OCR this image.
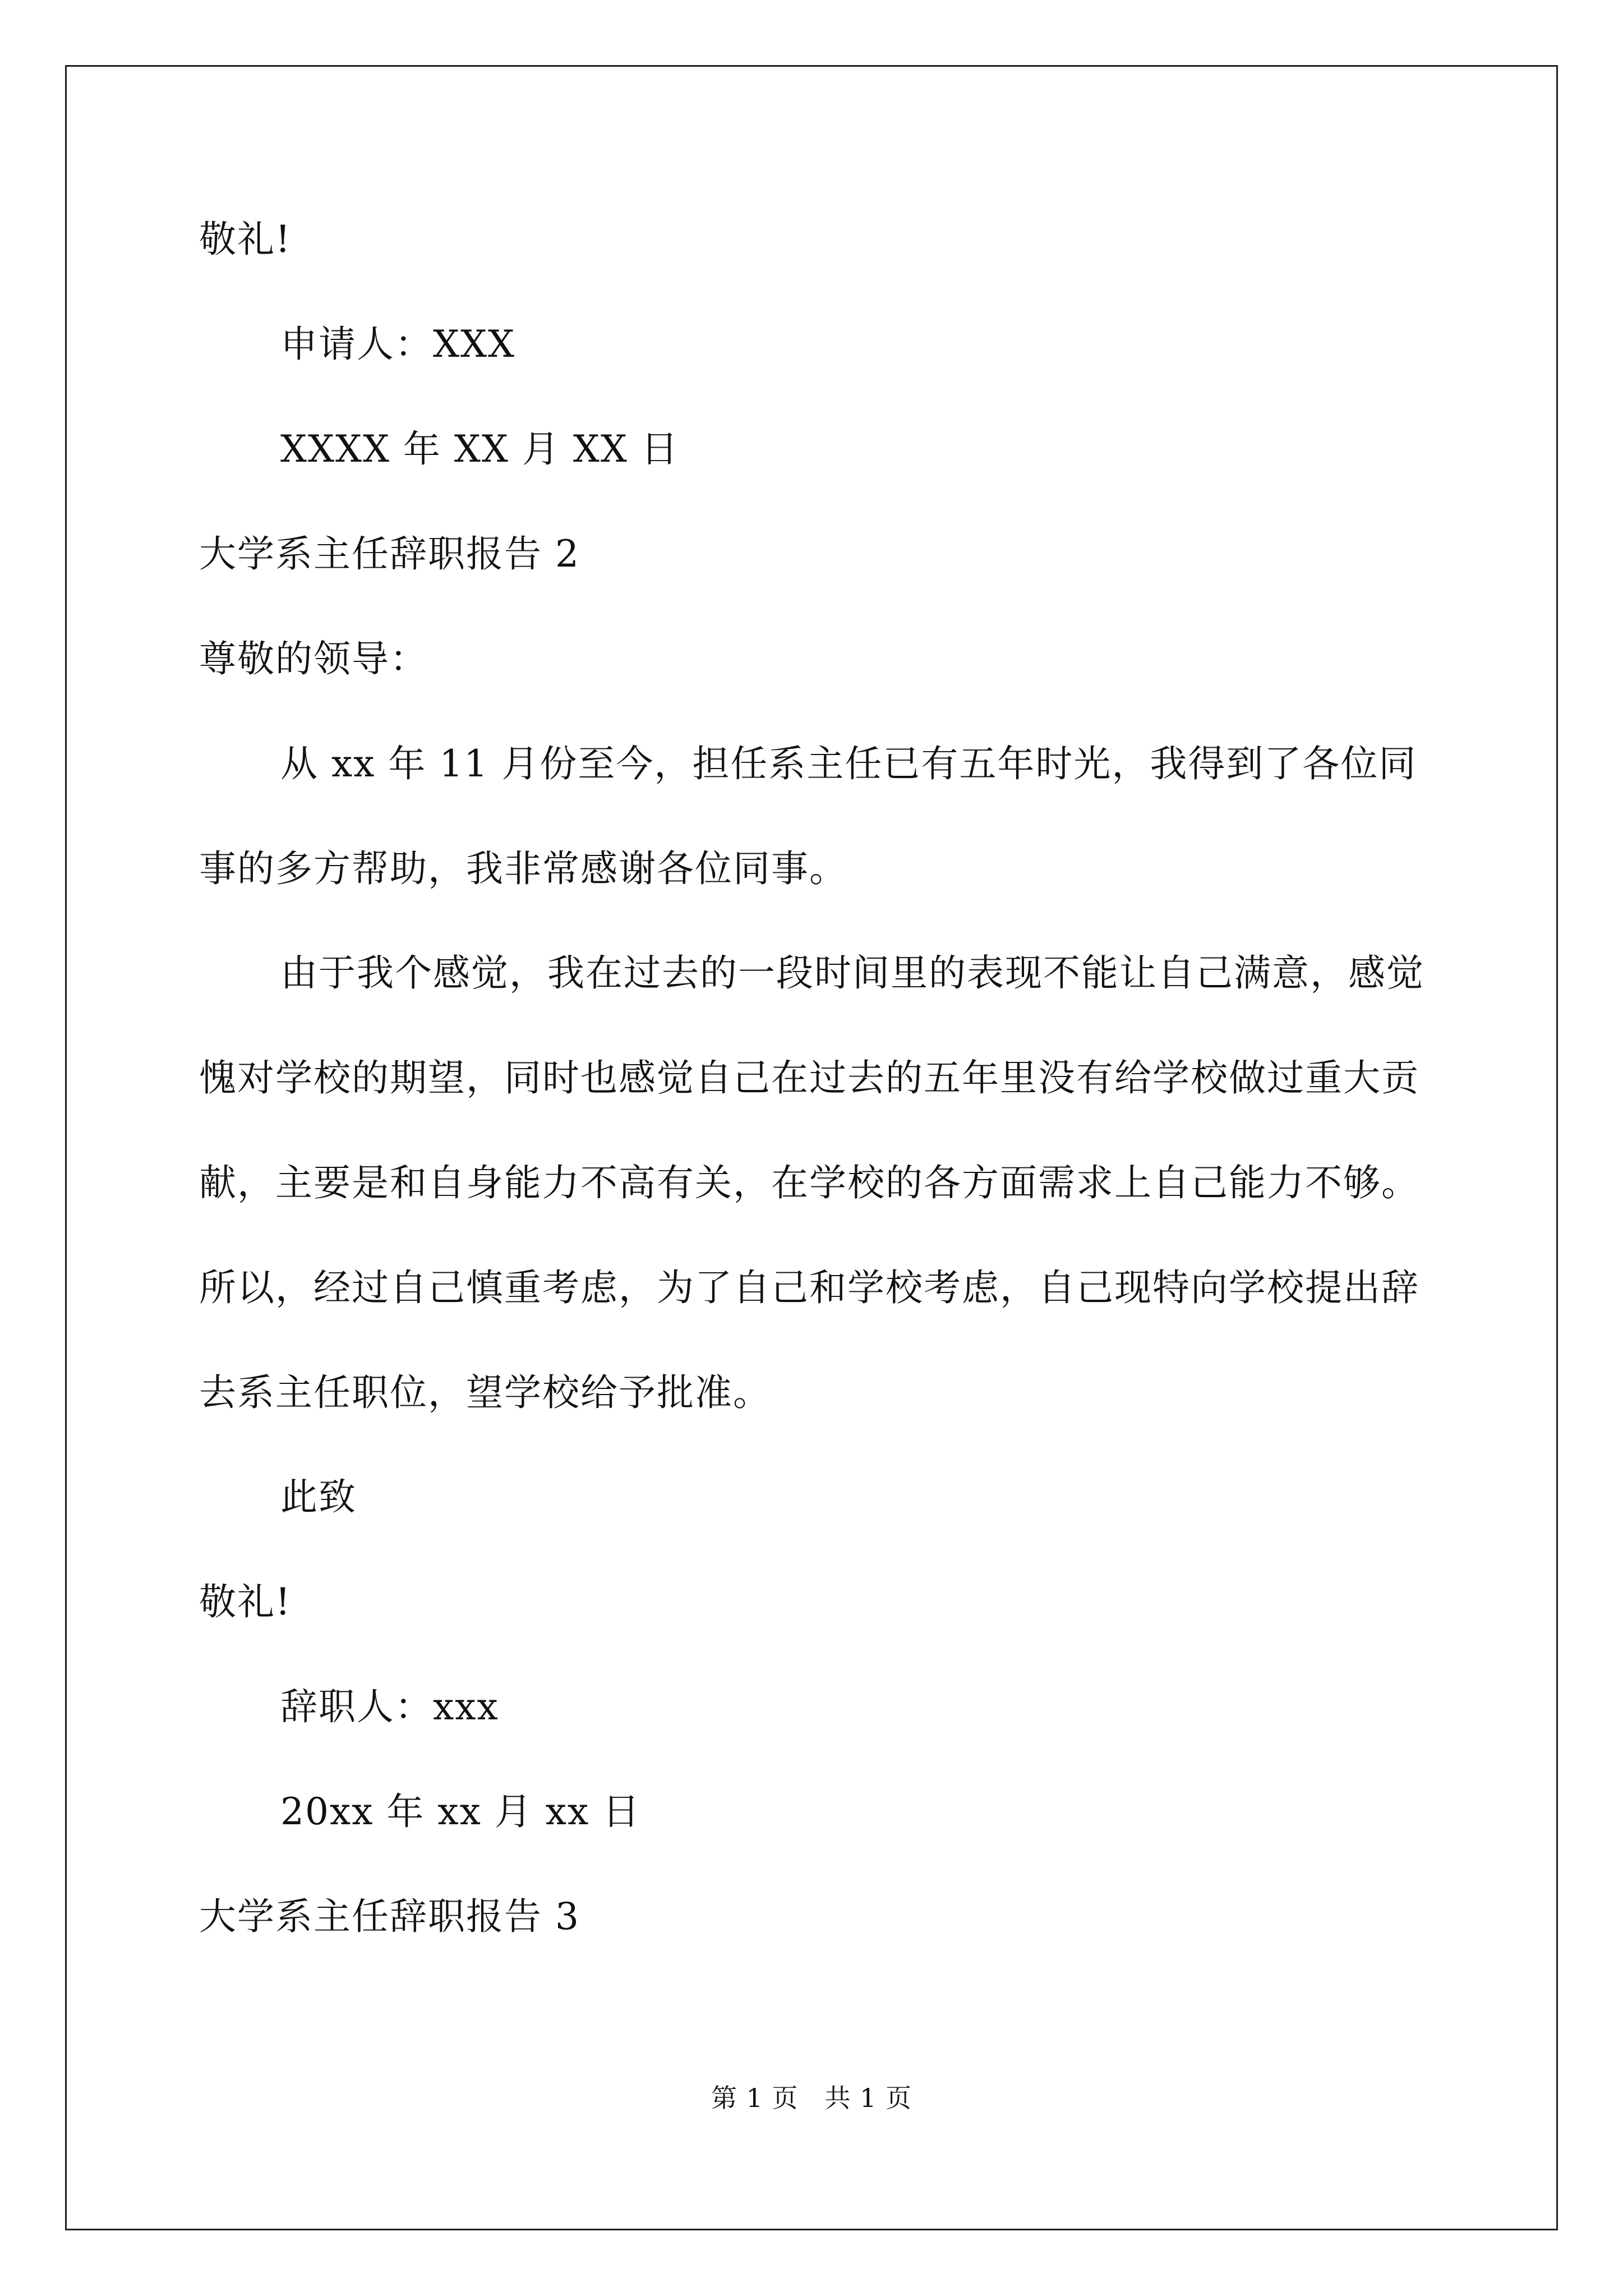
敬礼!
申请人：XXX
XXXX 年 XX 月 XX 日
大学系主任辞职报告 2
尊敬的领导：

从 xx 年 11 月份至今，担任系主任已有五年时光，我得到了各位同事的多方帮助，我非常感谢各位同事。

由于我个感觉，我在过去的一段时间里的表现不能让自己满意，感觉愧对学校的期望，同时也感觉自己在过去的五年里没有给学校做过重大贡献，主要是和自身能力不高有关，在学校的各方面需求上自己能力不够。所以，经过自己慎重考虑，为了自己和学校考虑，自己现特向学校提出辞去系主任职位，望学校给予批准。

此致
敬礼!
辞职人：xxx
20xx 年 xx 月 xx 日
大学系主任辞职报告 3
第 1 页　共 1 页
